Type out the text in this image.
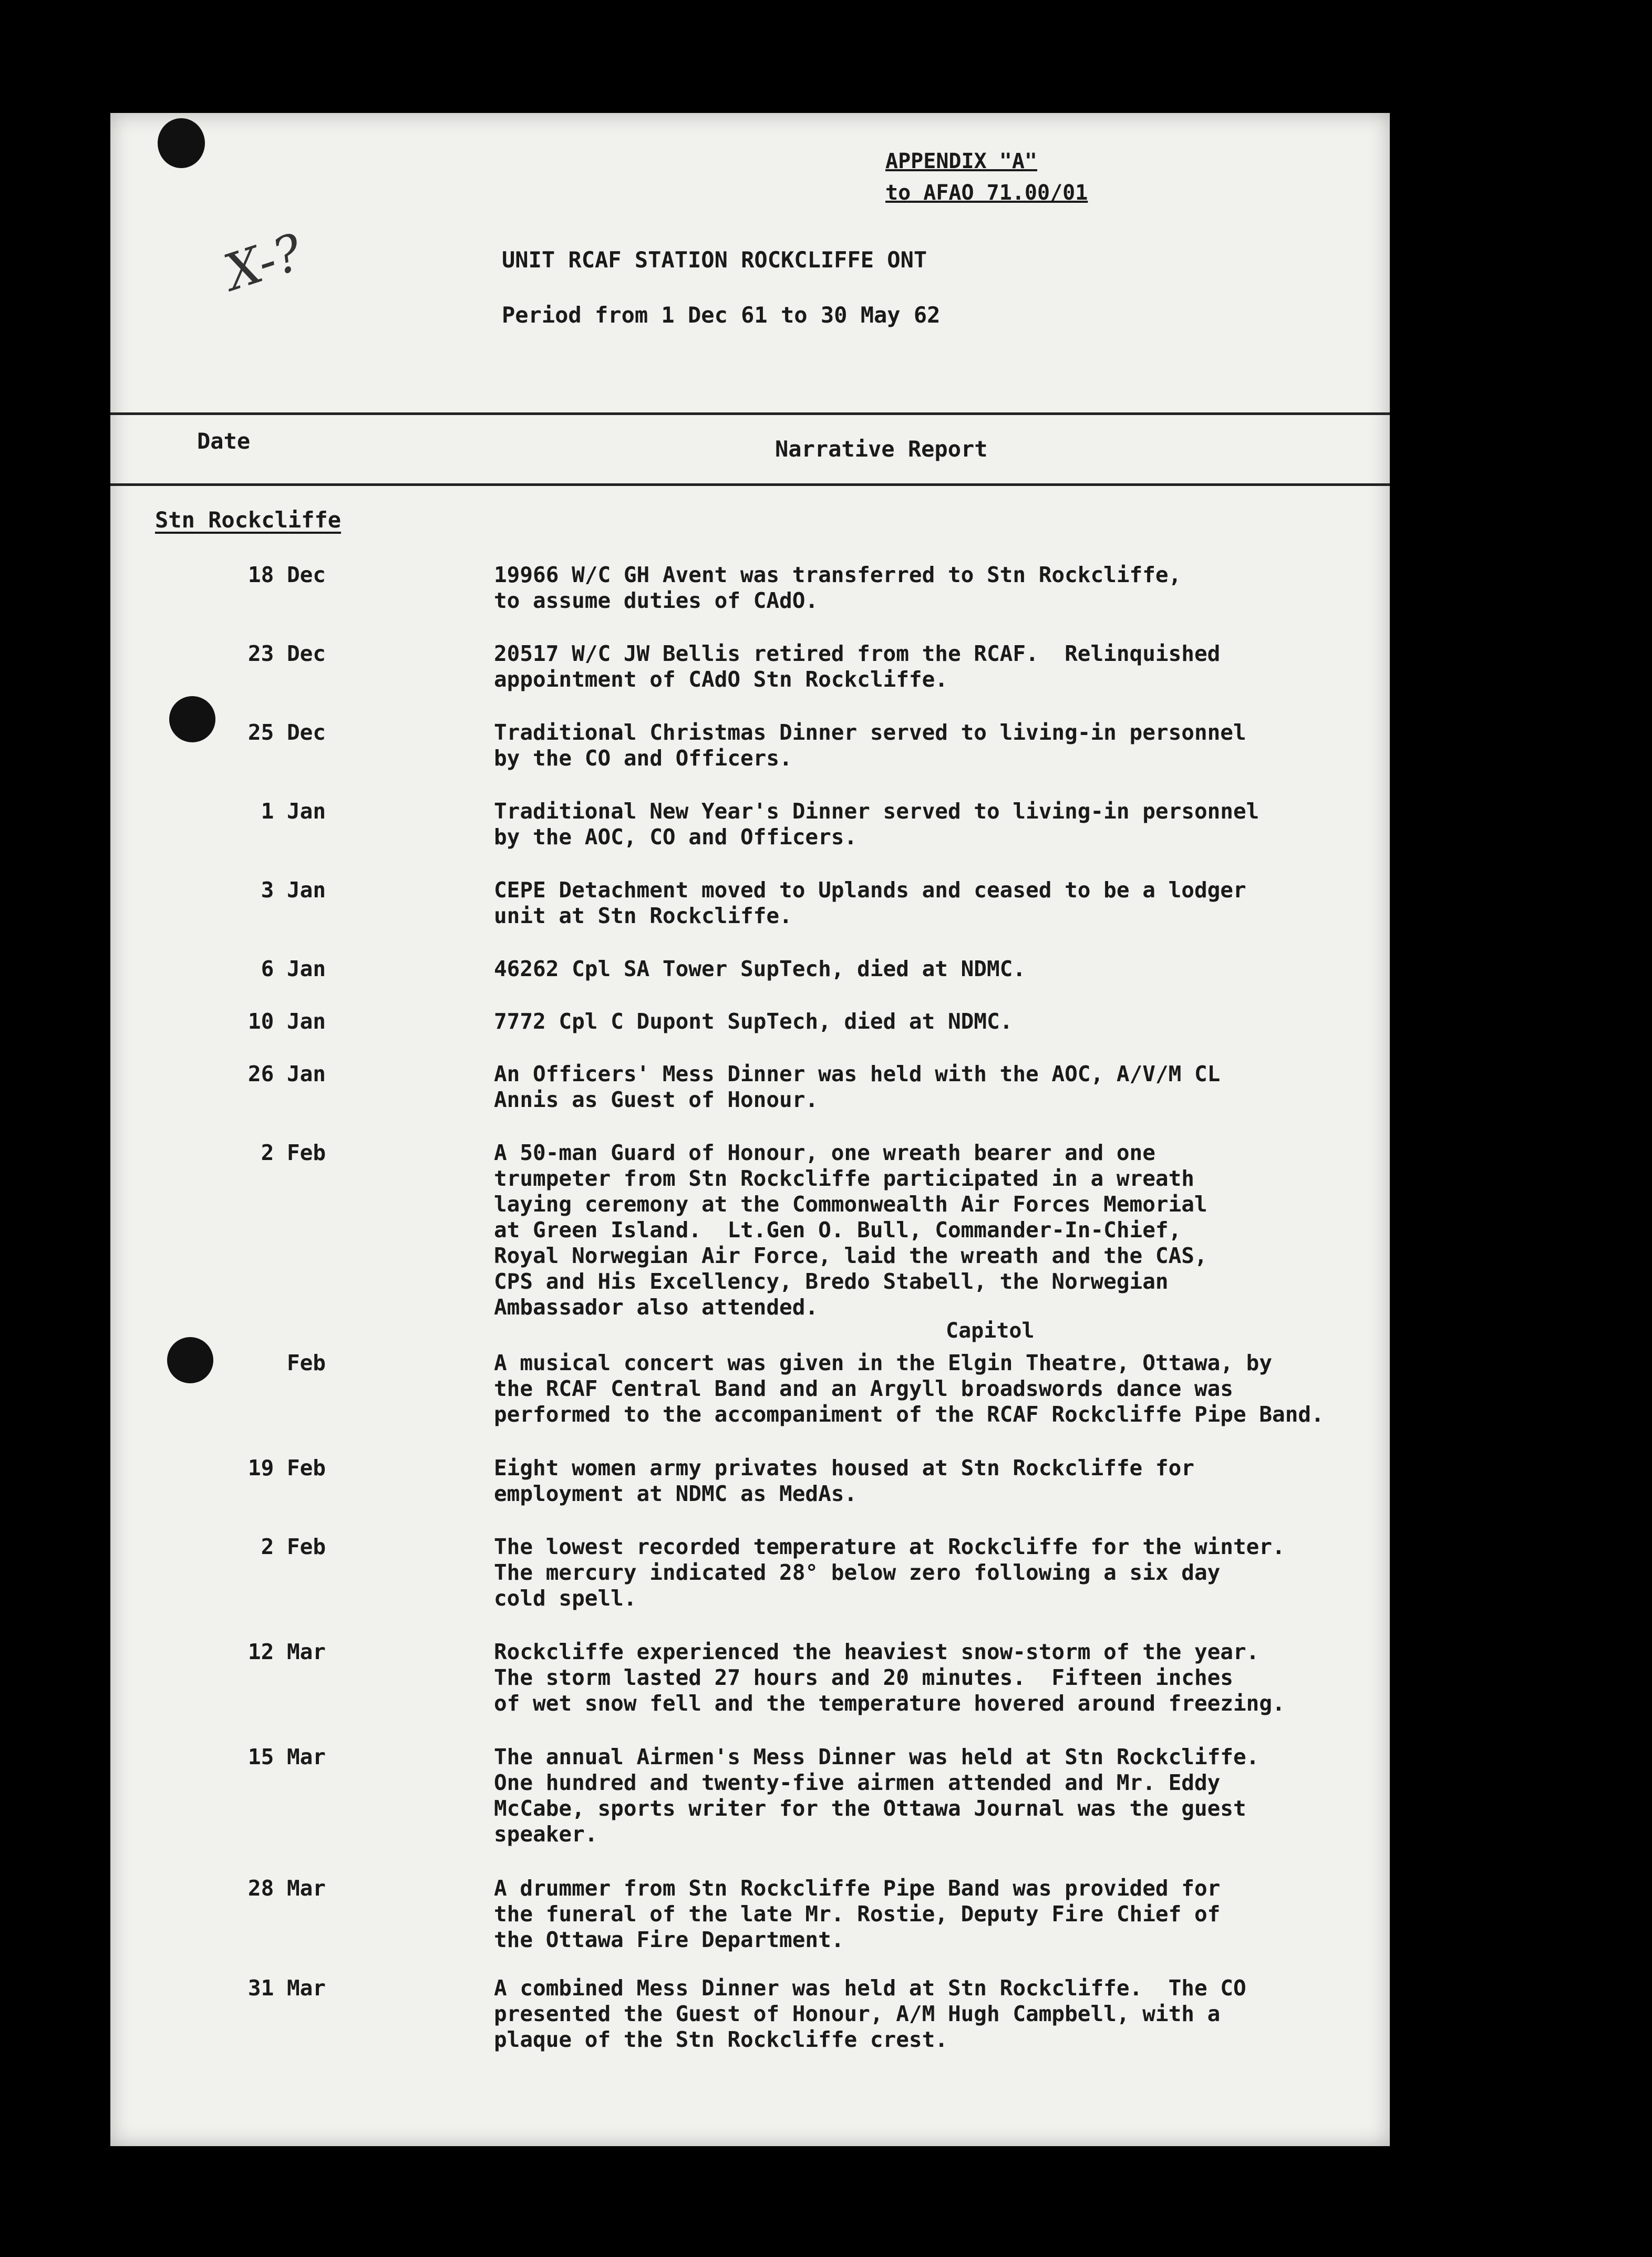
APPENDIX "A"
to AFAO 71.00/01
X-?	UNIT RCAF STATION ROCKCLIFFE ONT
Period from 1 Dec 61 to 30 May 62
Date	Narrative Report
Stn Rockcliffe
Capitol
18 Dec	19966 W/C GH Avent was transferred to Stn Rockcliffe,
to assume duties of CAdO.
23 Dec	20517 W/C JW Bellis retired from the RCAF.  Relinquished
appointment of CAdO Stn Rockcliffe.
25 Dec	Traditional Christmas Dinner served to living-in personnel
by the CO and Officers.
1 Jan	Traditional New Year's Dinner served to living-in personnel
by the AOC, CO and Officers.
3 Jan	CEPE Detachment moved to Uplands and ceased to be a lodger
unit at Stn Rockcliffe.
6 Jan	46262 Cpl SA Tower SupTech, died at NDMC.
10 Jan	7772 Cpl C Dupont SupTech, died at NDMC.
26 Jan	An Officers' Mess Dinner was held with the AOC, A/V/M CL
Annis as Guest of Honour.
2 Feb	A 50-man Guard of Honour, one wreath bearer and one
trumpeter from Stn Rockcliffe participated in a wreath
laying ceremony at the Commonwealth Air Forces Memorial
at Green Island.  Lt.Gen O. Bull, Commander-In-Chief,
Royal Norwegian Air Force, laid the wreath and the CAS,
CPS and His Excellency, Bredo Stabell, the Norwegian
Ambassador also attended.
Feb	A musical concert was given in the Elgin Theatre, Ottawa, by
the RCAF Central Band and an Argyll broadswords dance was
performed to the accompaniment of the RCAF Rockcliffe Pipe Band.
19 Feb	Eight women army privates housed at Stn Rockcliffe for
employment at NDMC as MedAs.
2 Feb	The lowest recorded temperature at Rockcliffe for the winter.
The mercury indicated 28° below zero following a six day
cold spell.
12 Mar	Rockcliffe experienced the heaviest snow-storm of the year.
The storm lasted 27 hours and 20 minutes.  Fifteen inches
of wet snow fell and the temperature hovered around freezing.
15 Mar	The annual Airmen's Mess Dinner was held at Stn Rockcliffe.
One hundred and twenty-five airmen attended and Mr. Eddy
McCabe, sports writer for the Ottawa Journal was the guest
speaker.
28 Mar	A drummer from Stn Rockcliffe Pipe Band was provided for
the funeral of the late Mr. Rostie, Deputy Fire Chief of
the Ottawa Fire Department.
31 Mar	A combined Mess Dinner was held at Stn Rockcliffe.  The CO
presented the Guest of Honour, A/M Hugh Campbell, with a
plaque of the Stn Rockcliffe crest.
